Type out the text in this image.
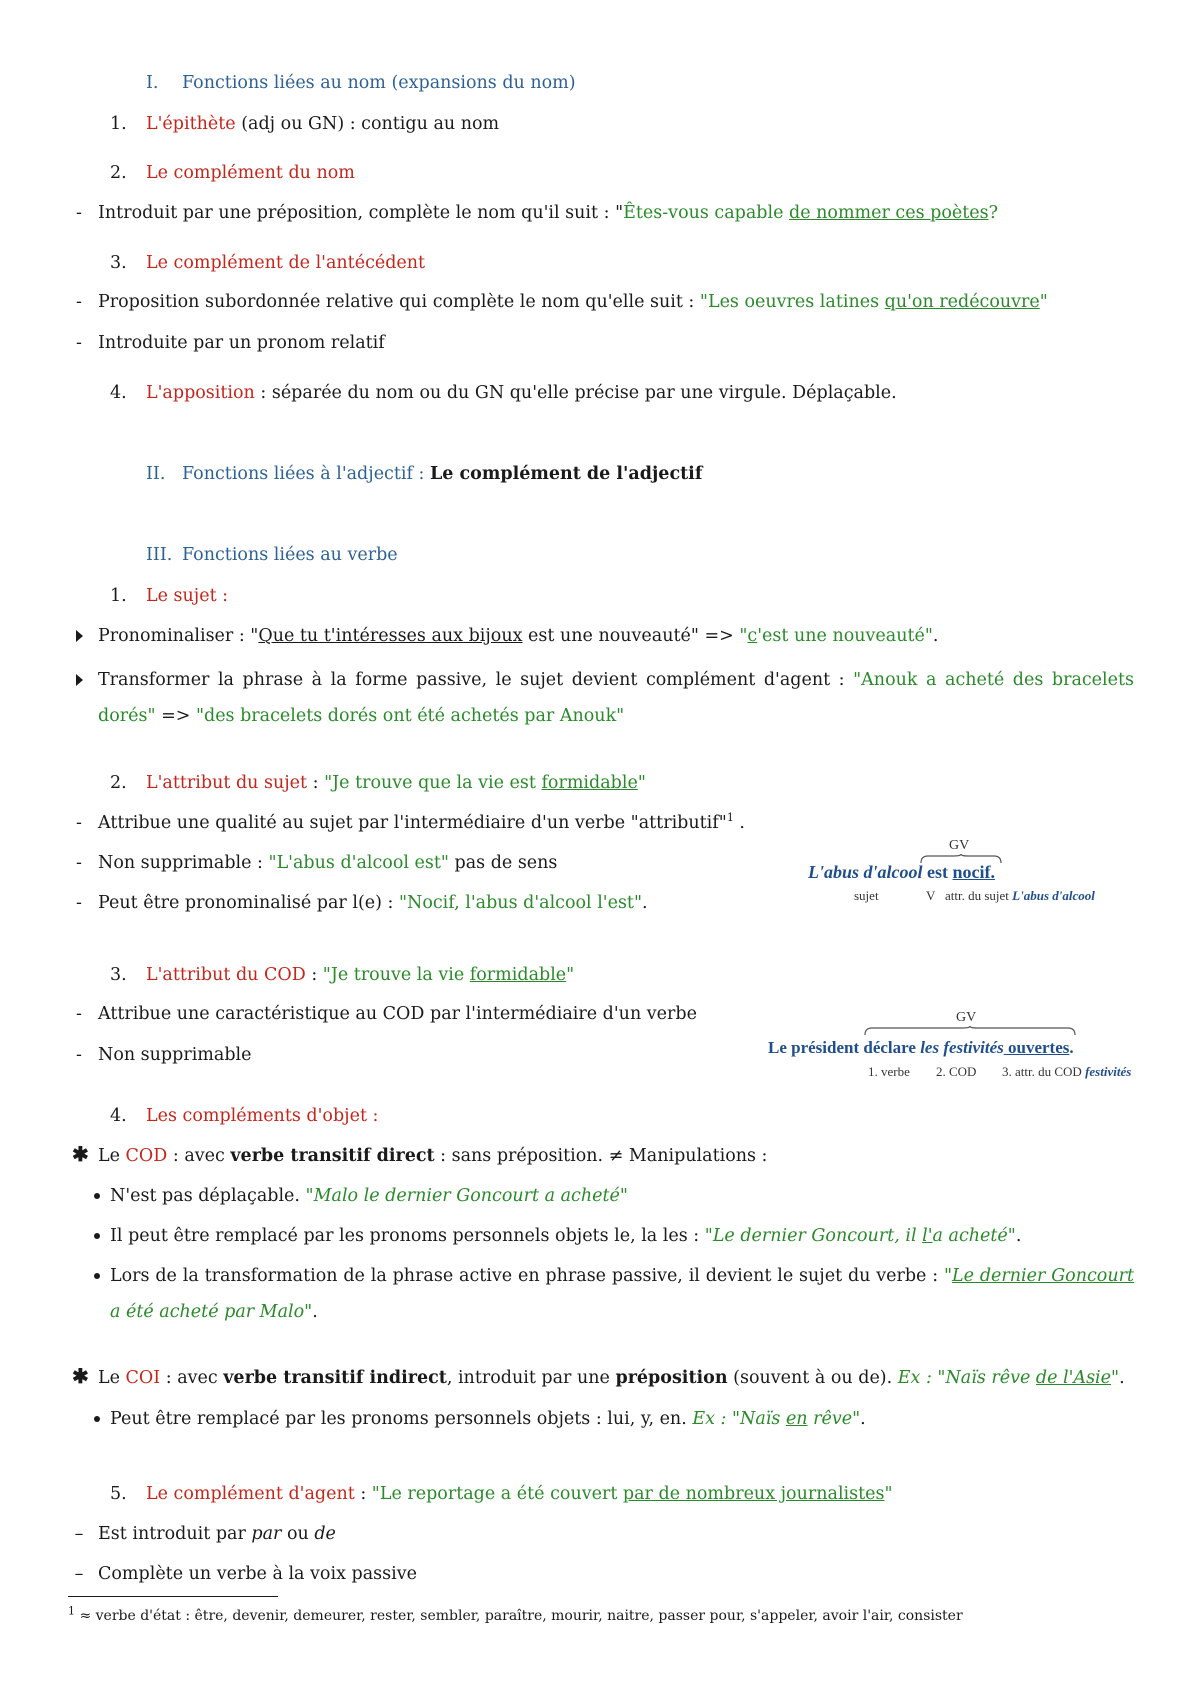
I. Fonctions liées au nom (expansions du nom)
1. L'épithète (adj ou GN) : contigu au nom
2. Le complément du nom
- Introduit par une préposition, complète le nom qu'il suit : "Êtes-vous capable de nommer ces poètes?
3. Le complément de l'antécédent
- Proposition subordonnée relative qui complète le nom qu'elle suit : "Les oeuvres latines qu'on redécouvre"
- Introduite par un pronom relatif
4. L'apposition : séparée du nom ou du GN qu'elle précise par une virgule. Déplaçable.
II. Fonctions liées à l'adjectif : Le complément de l'adjectif
III. Fonctions liées au verbe
1. Le sujet :
Pronominaliser : "Que tu t'intéresses aux bijoux est une nouveauté" => "c'est une nouveauté".
Transformer la phrase à la forme passive, le sujet devient complément d'agent : "Anouk a acheté des bracelets dorés" => "des bracelets dorés ont été achetés par Anouk"
2. L'attribut du sujet : "Je trouve que la vie est formidable"
- Attribue une qualité au sujet par l'intermédiaire d'un verbe "attributif"$^1$ .
- Non supprimable : "L'abus d'alcool est" pas de sens
- Peut être pronominalisé par l(e) : "Nocif, l'abus d'alcool l'est".
GV
L'abus d'alcool est nocif.
sujet	V attr. du sujet L'abus d'alcool
3. L'attribut du COD : "Je trouve la vie formidable"
- Attribue une caractéristique au COD par l'intermédiaire d'un verbe
- Non supprimable
GV
Le président déclare les festivités ouvertes.
1. verbe 2. COD 3. attr. du COD festivités
4. Les compléments d'objet :
✱ Le COD : avec verbe transitif direct : sans préposition. ≠ Manipulations :
N'est pas déplaçable. "Malo le dernier Goncourt a acheté"
Il peut être remplacé par les pronoms personnels objets le, la les : "Le dernier Goncourt, il l'a acheté".
Lors de la transformation de la phrase active en phrase passive, il devient le sujet du verbe : "Le dernier Goncourt a été acheté par Malo".
✱ Le COI : avec verbe transitif indirect, introduit par une préposition (souvent à ou de). Ex : "Naïs rêve de l'Asie".
Peut être remplacé par les pronoms personnels objets : lui, y, en. Ex : "Naïs en rêve".
5. Le complément d'agent : "Le reportage a été couvert par de nombreux journalistes"
– Est introduit par par ou de
– Complète un verbe à la voix passive
$^1$ ≈ verbe d'état : être, devenir, demeurer, rester, sembler, paraître, mourir, naitre, passer pour, s'appeler, avoir l'air, consister
